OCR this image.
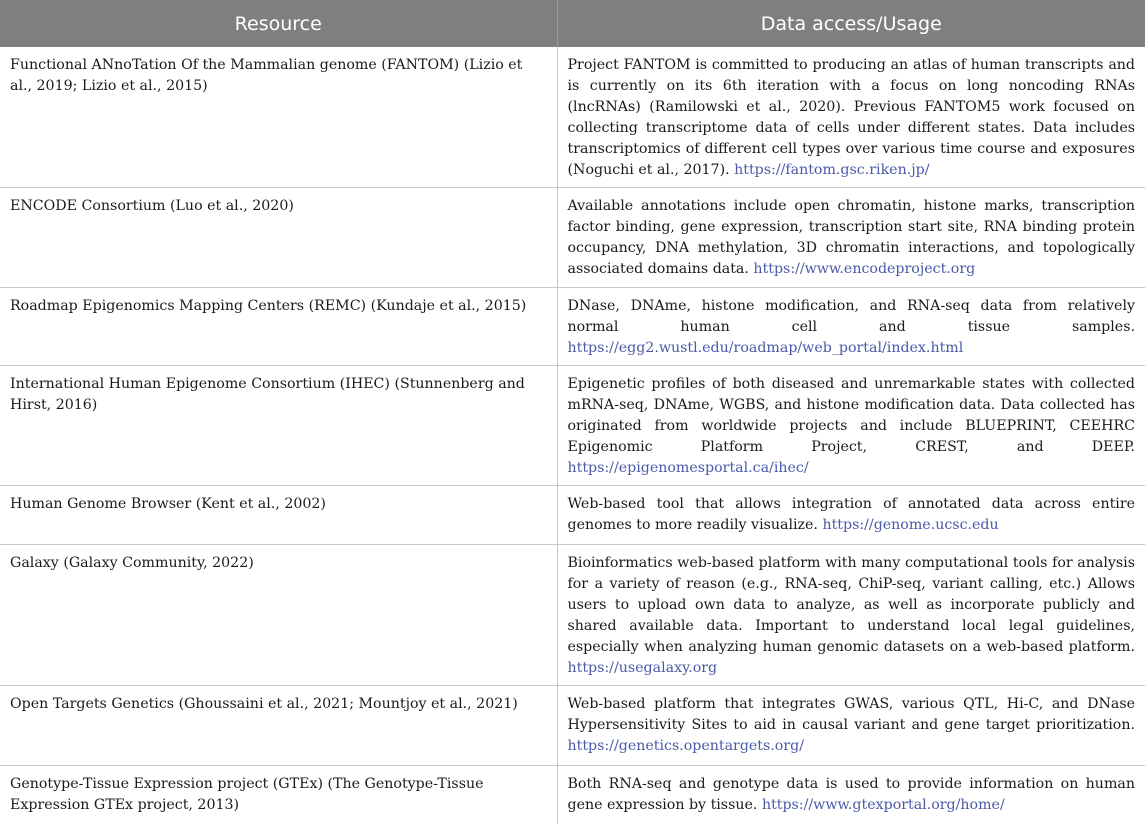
Resource	Data access/Usage
Functional ANnoTation Of the Mammalian genome (FANTOM) (Lizio et al., 2019; Lizio et al., 2015)	Project FANTOM is committed to producing an atlas of human transcripts and is currently on its 6th iteration with a focus on long noncoding RNAs (lncRNAs) (Ramilowski et al., 2020). Previous FANTOM5 work focused on collecting transcriptome data of cells under different states. Data includes transcriptomics of different cell types over various time course and exposures (Noguchi et al., 2017). https://fantom.gsc.riken.jp/
ENCODE Consortium (Luo et al., 2020)	Available annotations include open chromatin, histone marks, transcription factor binding, gene expression, transcription start site, RNA binding protein occupancy, DNA methylation, 3D chromatin interactions, and topologically associated domains data. https://www.encodeproject.org
Roadmap Epigenomics Mapping Centers (REMC) (Kundaje et al., 2015)	DNase, DNAme, histone modification, and RNA-seq data from relatively normal human cell and tissue samples. https://egg2.wustl.edu/roadmap/web_portal/index.html
International Human Epigenome Consortium (IHEC) (Stunnenberg and Hirst, 2016)	Epigenetic profiles of both diseased and unremarkable states with collected mRNA-seq, DNAme, WGBS, and histone modification data. Data collected has originated from worldwide projects and include BLUEPRINT, CEEHRC Epigenomic Platform Project, CREST, and DEEP. https://epigenomesportal.ca/ihec/
Human Genome Browser (Kent et al., 2002)	Web-based tool that allows integration of annotated data across entire genomes to more readily visualize. https://genome.ucsc.edu
Galaxy (Galaxy Community, 2022)	Bioinformatics web-based platform with many computational tools for analysis for a variety of reason (e.g., RNA-seq, ChiP-seq, variant calling, etc.) Allows users to upload own data to analyze, as well as incorporate publicly and shared available data. Important to understand local legal guidelines, especially when analyzing human genomic datasets on a web-based platform. https://usegalaxy.org
Open Targets Genetics (Ghoussaini et al., 2021; Mountjoy et al., 2021)	Web-based platform that integrates GWAS, various QTL, Hi-C, and DNase Hypersensitivity Sites to aid in causal variant and gene target prioritization. https://genetics.opentargets.org/
Genotype-Tissue Expression project (GTEx) (The Genotype-Tissue Expression GTEx project, 2013)	Both RNA-seq and genotype data is used to provide information on human gene expression by tissue. https://www.gtexportal.org/home/
